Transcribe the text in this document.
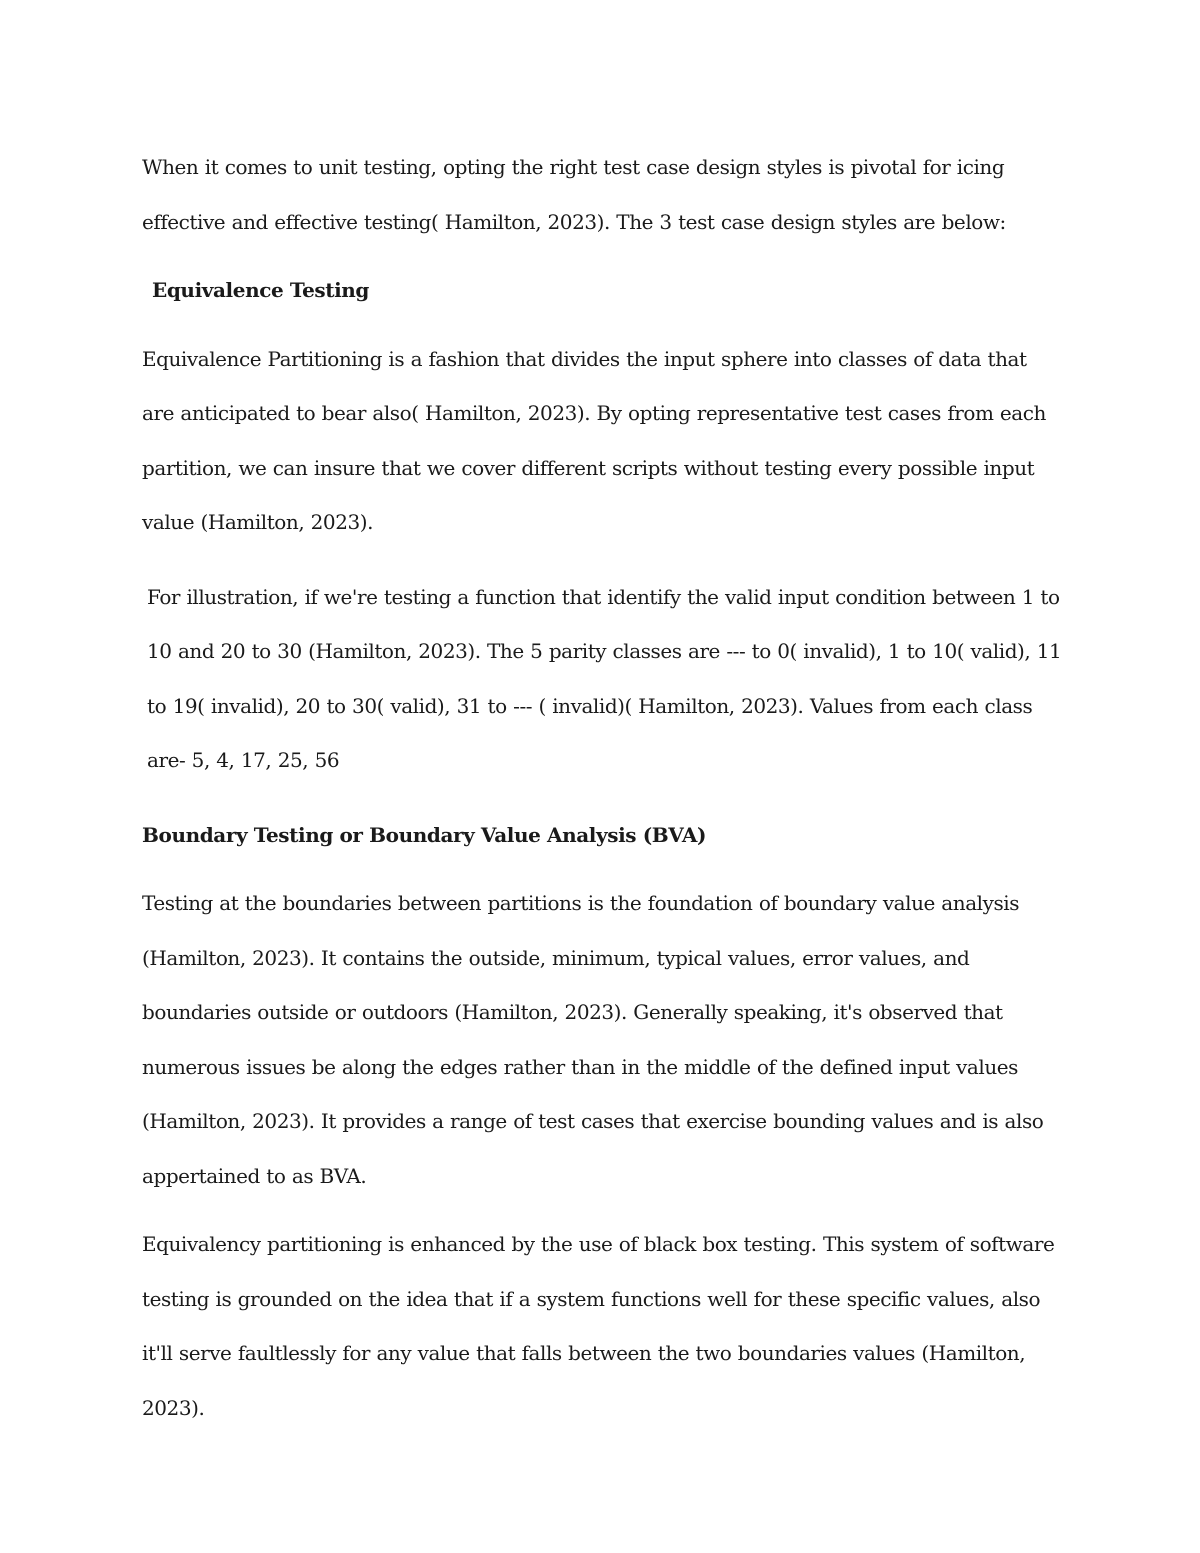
When it comes to unit testing, opting the right test case design styles is pivotal for icing effective and effective testing( Hamilton, 2023). The 3 test case design styles are below:

Equivalence Testing

Equivalence Partitioning is a fashion that divides the input sphere into classes of data that are anticipated to bear also( Hamilton, 2023). By opting representative test cases from each partition, we can insure that we cover different scripts without testing every possible input value (Hamilton, 2023).

For illustration, if we're testing a function that identify the valid input condition between 1 to 10 and 20 to 30 (Hamilton, 2023). The 5 parity classes are --- to 0( invalid), 1 to 10( valid), 11 to 19( invalid), 20 to 30( valid), 31 to --- ( invalid)( Hamilton, 2023). Values from each class are- 5, 4, 17, 25, 56

Boundary Testing or Boundary Value Analysis (BVA)

Testing at the boundaries between partitions is the foundation of boundary value analysis (Hamilton, 2023). It contains the outside, minimum, typical values, error values, and boundaries outside or outdoors (Hamilton, 2023). Generally speaking, it's observed that numerous issues be along the edges rather than in the middle of the defined input values (Hamilton, 2023). It provides a range of test cases that exercise bounding values and is also appertained to as BVA.

Equivalency partitioning is enhanced by the use of black box testing. This system of software testing is grounded on the idea that if a system functions well for these specific values, also it'll serve faultlessly for any value that falls between the two boundaries values (Hamilton, 2023).
